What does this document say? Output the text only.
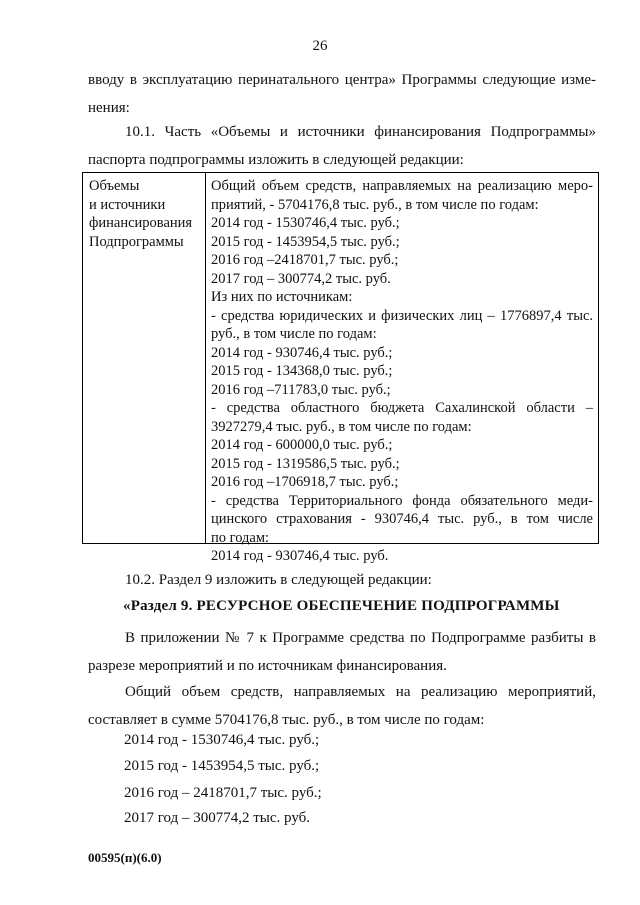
26
вводу в эксплуатацию перинатального центра» Программы следующие изме-
нения:
10.1. Часть «Объемы и источники финансирования Подпрограммы»
паспорта подпрограммы изложить в следующей редакции:
Объемы
и источники
финансирования
Подпрограммы
Общий объем средств, направляемых на реализацию меро-
приятий, - 5704176,8 тыс. руб., в том числе по годам:
2014 год - 1530746,4 тыс. руб.;
2015 год - 1453954,5 тыс. руб.;
2016 год –2418701,7 тыс. руб.;
2017 год – 300774,2 тыс. руб.
Из них по источникам:
- средства юридических и физических лиц – 1776897,4 тыс.
руб., в том числе по годам:
2014 год - 930746,4 тыс. руб.;
2015 год - 134368,0 тыс. руб.;
2016 год –711783,0 тыс. руб.;
- средства областного бюджета Сахалинской области –
3927279,4 тыс. руб., в том числе по годам:
2014 год - 600000,0 тыс. руб.;
2015 год - 1319586,5 тыс. руб.;
2016 год –1706918,7 тыс. руб.;
- средства Территориального фонда обязательного меди-
цинского страхования - 930746,4 тыс. руб., в том числе
по годам:
2014 год - 930746,4 тыс. руб.
10.2. Раздел 9 изложить в следующей редакции:
«Раздел 9. РЕСУРСНОЕ ОБЕСПЕЧЕНИЕ ПОДПРОГРАММЫ
В приложении № 7 к Программе средства по Подпрограмме разбиты в
разрезе мероприятий и по источникам финансирования.
Общий объем средств, направляемых на реализацию мероприятий,
составляет в сумме 5704176,8 тыс. руб., в том числе по годам:
2014 год - 1530746,4 тыс. руб.;
2015 год - 1453954,5 тыс. руб.;
2016 год – 2418701,7 тыс. руб.;
2017 год – 300774,2 тыс. руб.
00595(п)(6.0)
